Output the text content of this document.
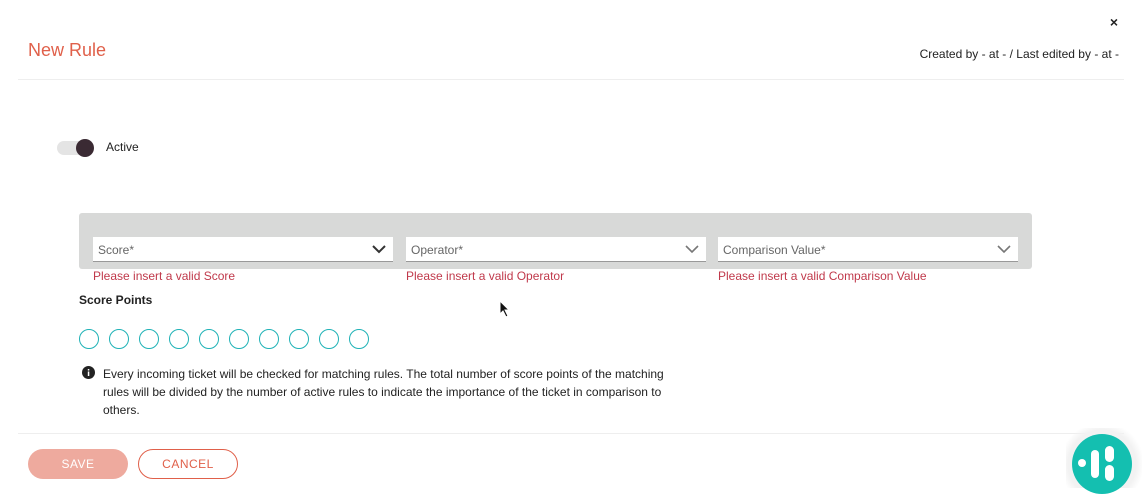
×
New Rule	Created by - at - / Last edited by - at -
Active
Score*	Operator*	Comparison Value*
Please insert a valid Score	Please insert a valid Operator	Please insert a valid Comparison Value
Score Points
Every incoming ticket will be checked for matching rules. The total number of score points of the matching rules will be divided by the number of active rules to indicate the importance of the ticket in comparison to others.
SAVE	CANCEL
